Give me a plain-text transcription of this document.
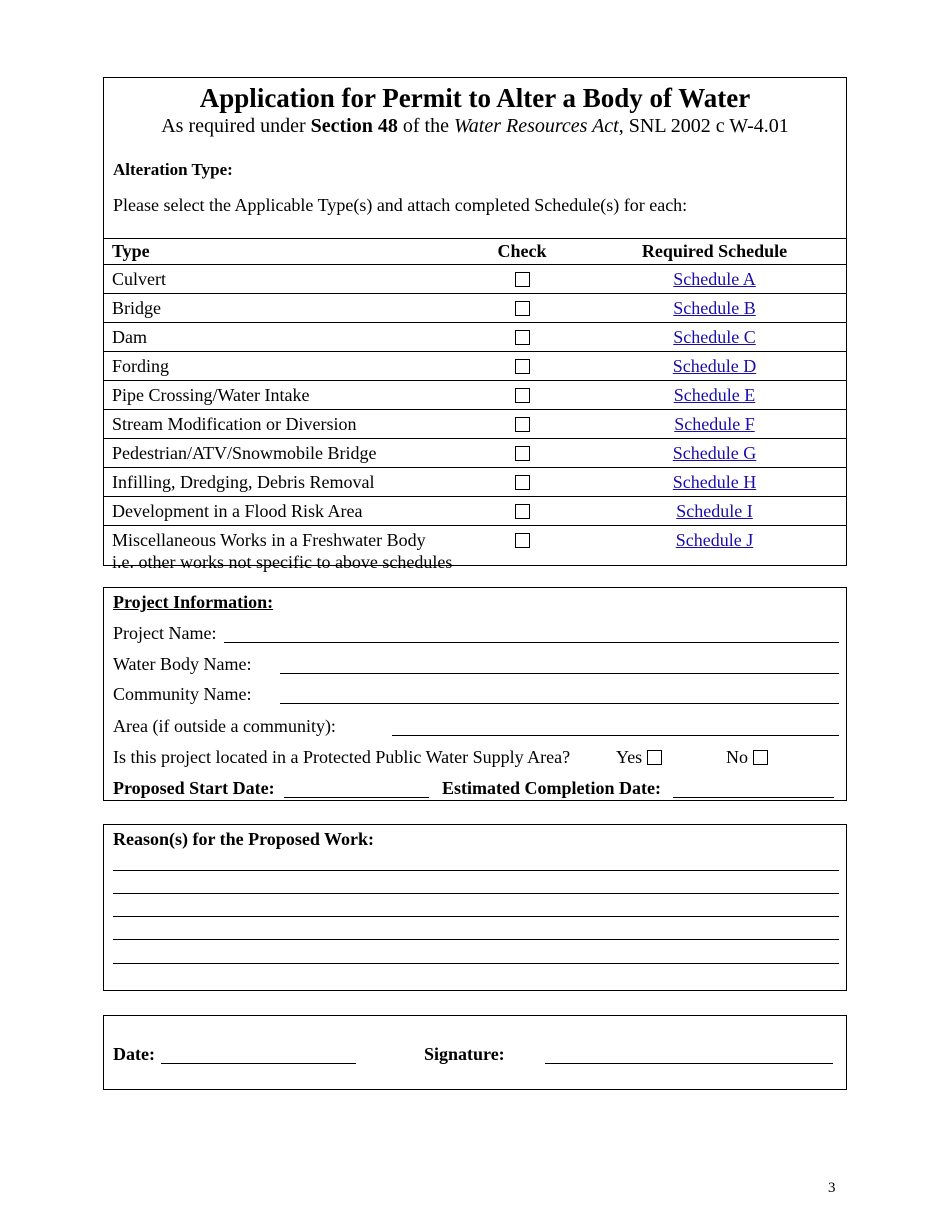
Application for Permit to Alter a Body of Water
As required under Section 48 of the Water Resources Act, SNL 2002 c W-4.01
Alteration Type:
Please select the Applicable Type(s) and attach completed Schedule(s) for each:
Type	Check	Required Schedule
Culvert		Schedule A
Bridge		Schedule B
Dam		Schedule C
Fording		Schedule D
Pipe Crossing/Water Intake		Schedule E
Stream Modification or Diversion		Schedule F
Pedestrian/ATV/Snowmobile Bridge		Schedule G
Infilling, Dredging, Debris Removal		Schedule H
Development in a Flood Risk Area		Schedule I

Miscellaneous Works in a Freshwater Body
i.e. other works not specific to above schedules		Schedule J
Project Information:
Project Name:
Water Body Name:
Community Name:
Area (if outside a community):
Is this project located in a Protected Public Water Supply Area?	Yes	No
Proposed Start Date:	Estimated Completion Date:
Reason(s) for the Proposed Work:
Date:	Signature:
3
